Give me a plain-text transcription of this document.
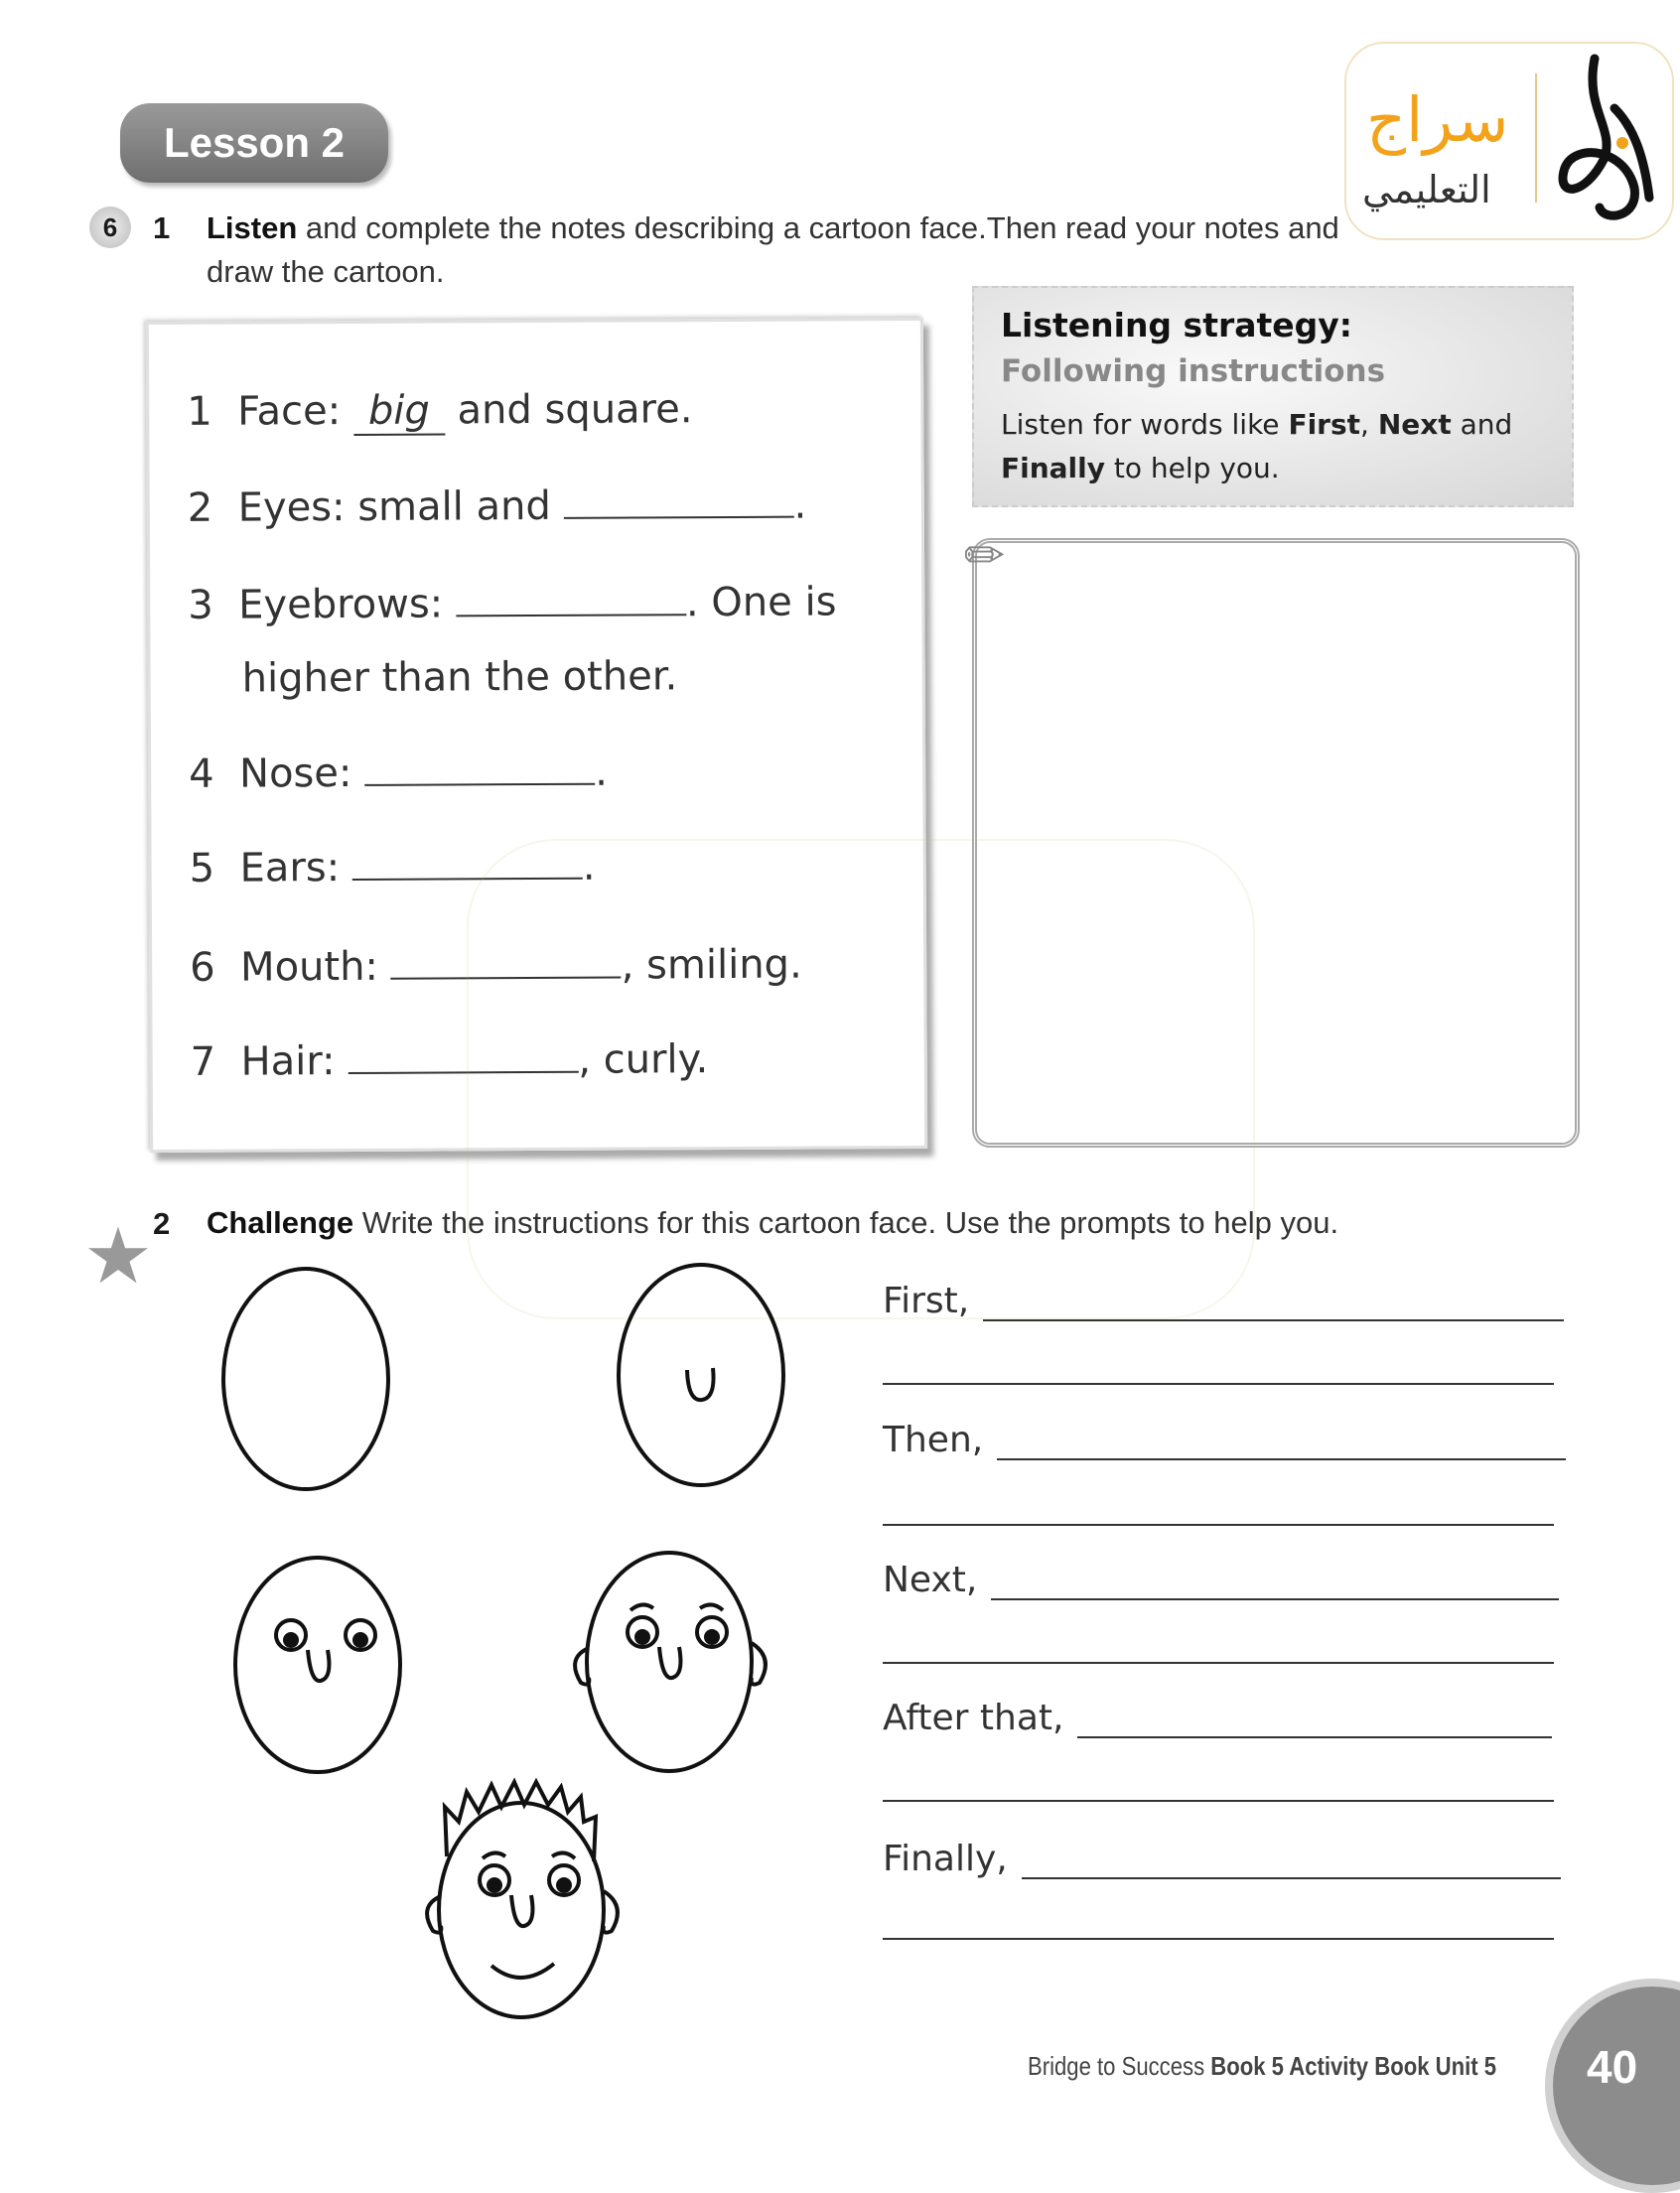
Lesson 2	سراج
التعليمي
6	1 Listen and complete the notes describing a cartoon face.Then read your notes and
draw the cartoon.
1 Face: big and square.
2 Eyes: small and	.
3 Eyebrows:	. One is
higher than the other.
4 Nose:	.
5 Ears:	.
6 Mouth:	, smiling.
7 Hair:	, curly.
Listening strategy:
Following instructions
Listen for words like First, Next and
Finally to help you.
✎
★ 2 Challenge Write the instructions for this cartoon face. Use the prompts to help you.
First,
Then,
Next,
After that,
Finally,
Bridge to Success Book 5 Activity Book Unit 5 40
